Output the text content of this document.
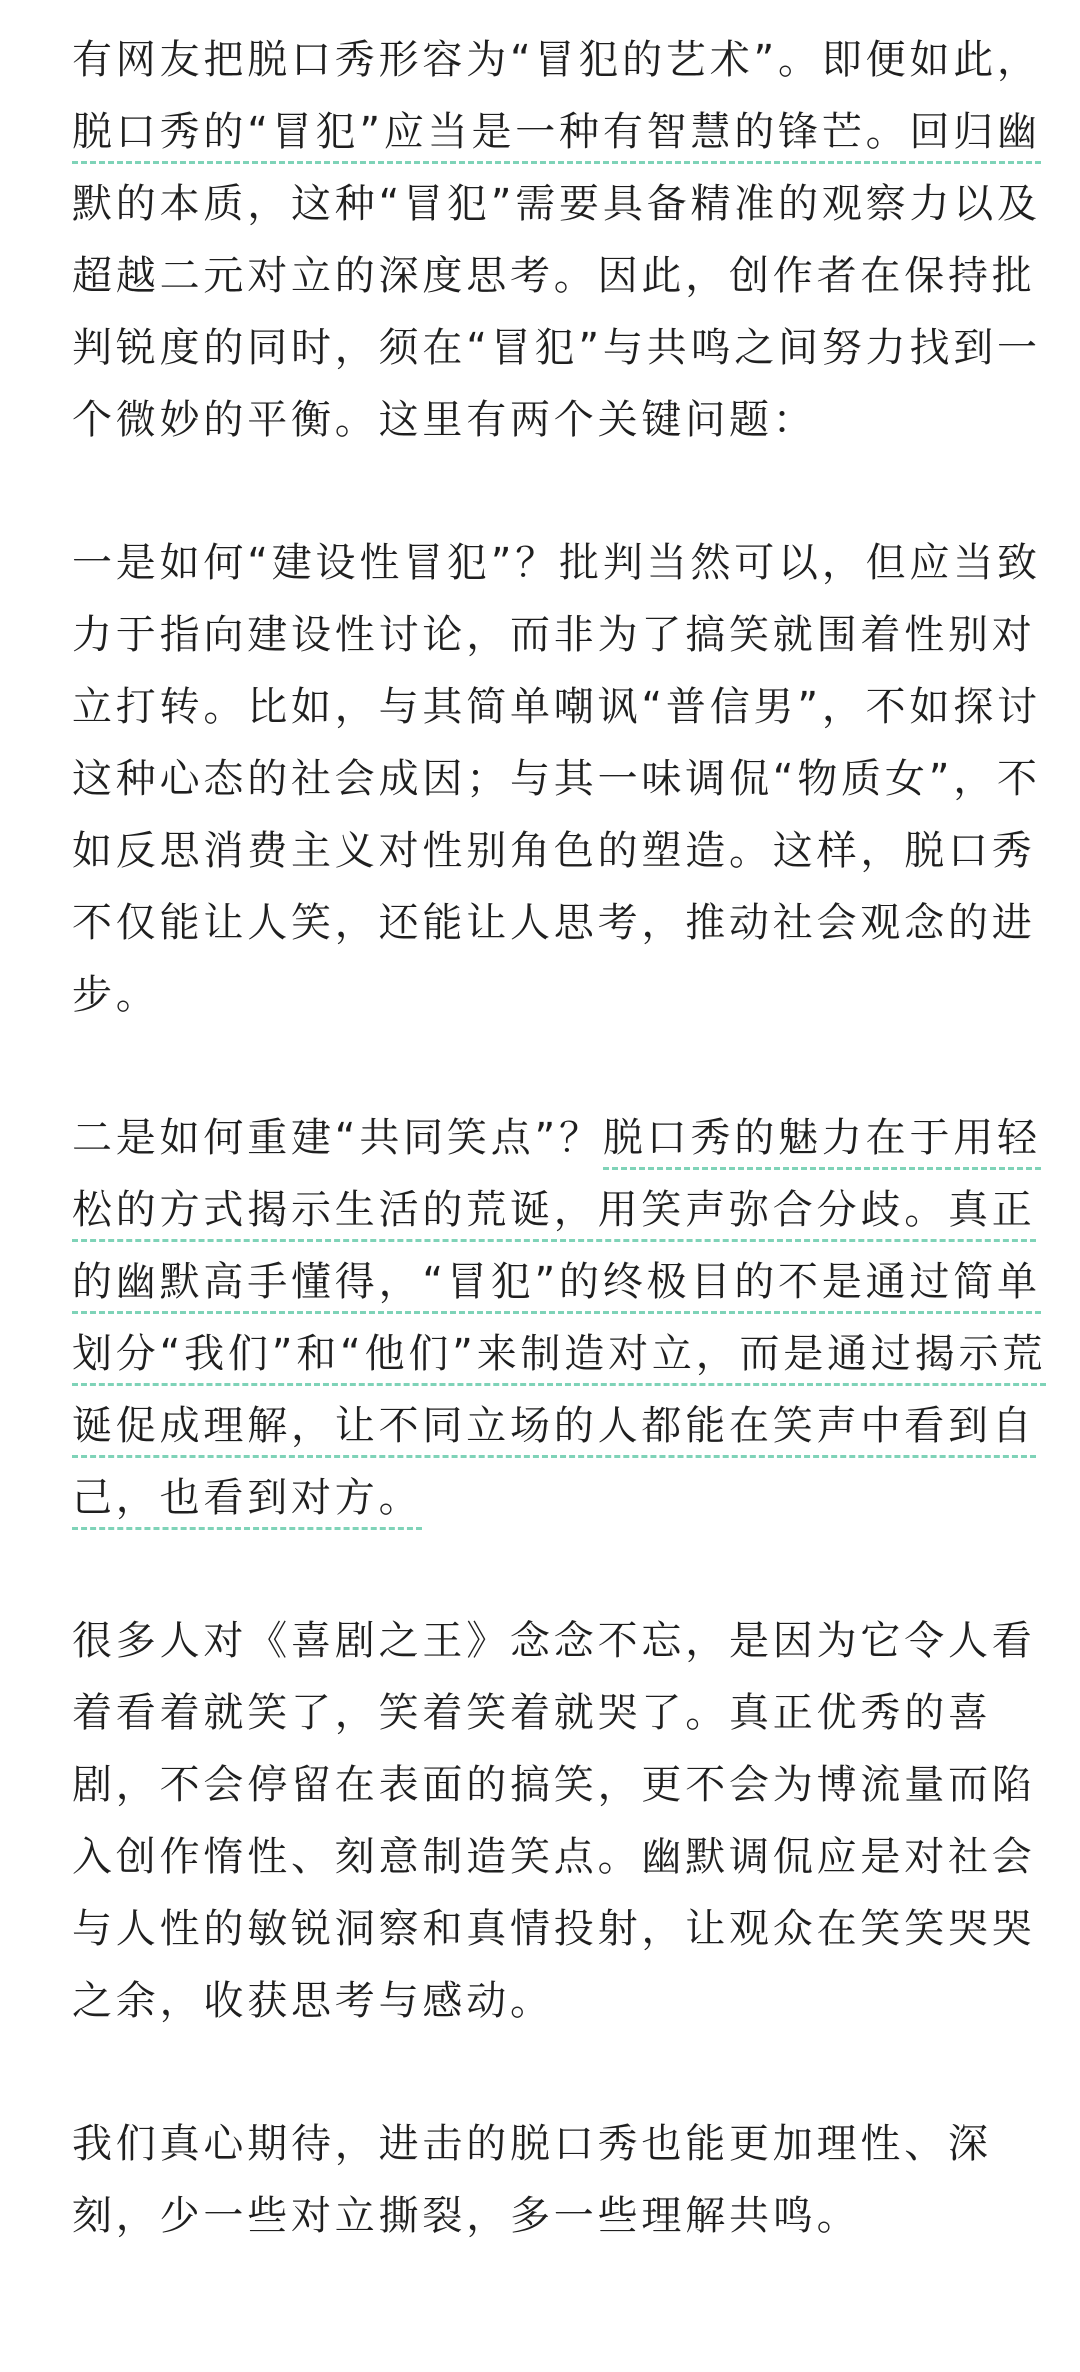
有网友把脱口秀形容为“冒犯的艺术”。即便如此，
脱口秀的“冒犯”应当是一种有智慧的锋芒。回归幽
默的本质，这种“冒犯”需要具备精准的观察力以及
超越二元对立的深度思考。因此，创作者在保持批
判锐度的同时，须在“冒犯”与共鸣之间努力找到一
个微妙的平衡。这里有两个关键问题：
一是如何“建设性冒犯”？批判当然可以，但应当致
力于指向建设性讨论，而非为了搞笑就围着性别对
立打转。比如，与其简单嘲讽“普信男”，不如探讨
这种心态的社会成因；与其一味调侃“物质女”，不
如反思消费主义对性别角色的塑造。这样，脱口秀
不仅能让人笑，还能让人思考，推动社会观念的进
步。
二是如何重建“共同笑点”？脱口秀的魅力在于用轻
松的方式揭示生活的荒诞，用笑声弥合分歧。真正
的幽默高手懂得，“冒犯”的终极目的不是通过简单
划分“我们”和“他们”来制造对立，而是通过揭示荒
诞促成理解，让不同立场的人都能在笑声中看到自
己，也看到对方。
很多人对《喜剧之王》念念不忘，是因为它令人看
着看着就笑了，笑着笑着就哭了。真正优秀的喜
剧，不会停留在表面的搞笑，更不会为博流量而陷
入创作惰性、刻意制造笑点。幽默调侃应是对社会
与人性的敏锐洞察和真情投射，让观众在笑笑哭哭
之余，收获思考与感动。
我们真心期待，进击的脱口秀也能更加理性、深
刻，少一些对立撕裂，多一些理解共鸣。
